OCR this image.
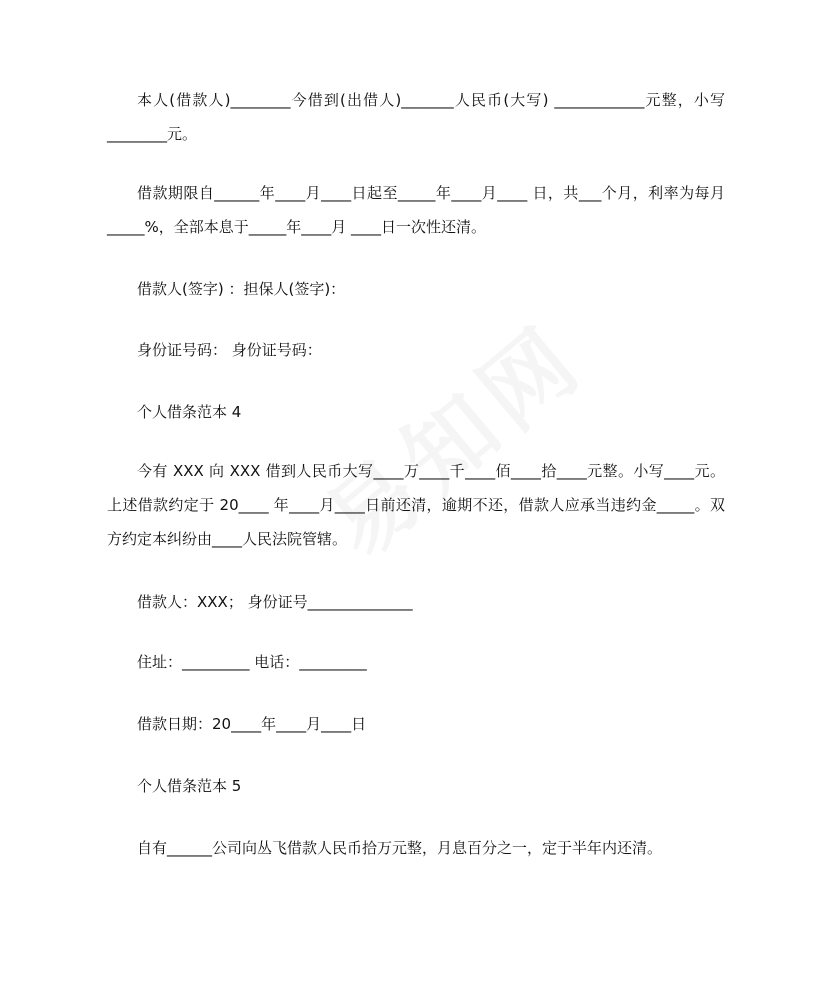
本人(借款人)________今借到(出借人)_______人民币(大写) ____________元整，小写________元。

借款期限自______年____月____日起至_____年____月____ 日，共___个月，利率为每月_____%，全部本息于_____年____月 ____日一次性还清。

借款人(签字) ：担保人(签字)：

身份证号码： 身份证号码：

个人借条范本 4

今有 XXX 向 XXX 借到人民币大写____万____千____佰____拾____元整。小写____元。上述借款约定于 20____ 年____月____日前还清，逾期不还，借款人应承当违约金_____。双方约定本纠纷由____人民法院管辖。

借款人：XXX； 身份证号______________

住址：_________ 电话：_________

借款日期：20____年____月____日

个人借条范本 5

自有______公司向丛飞借款人民币拾万元整，月息百分之一，定于半年内还清。
